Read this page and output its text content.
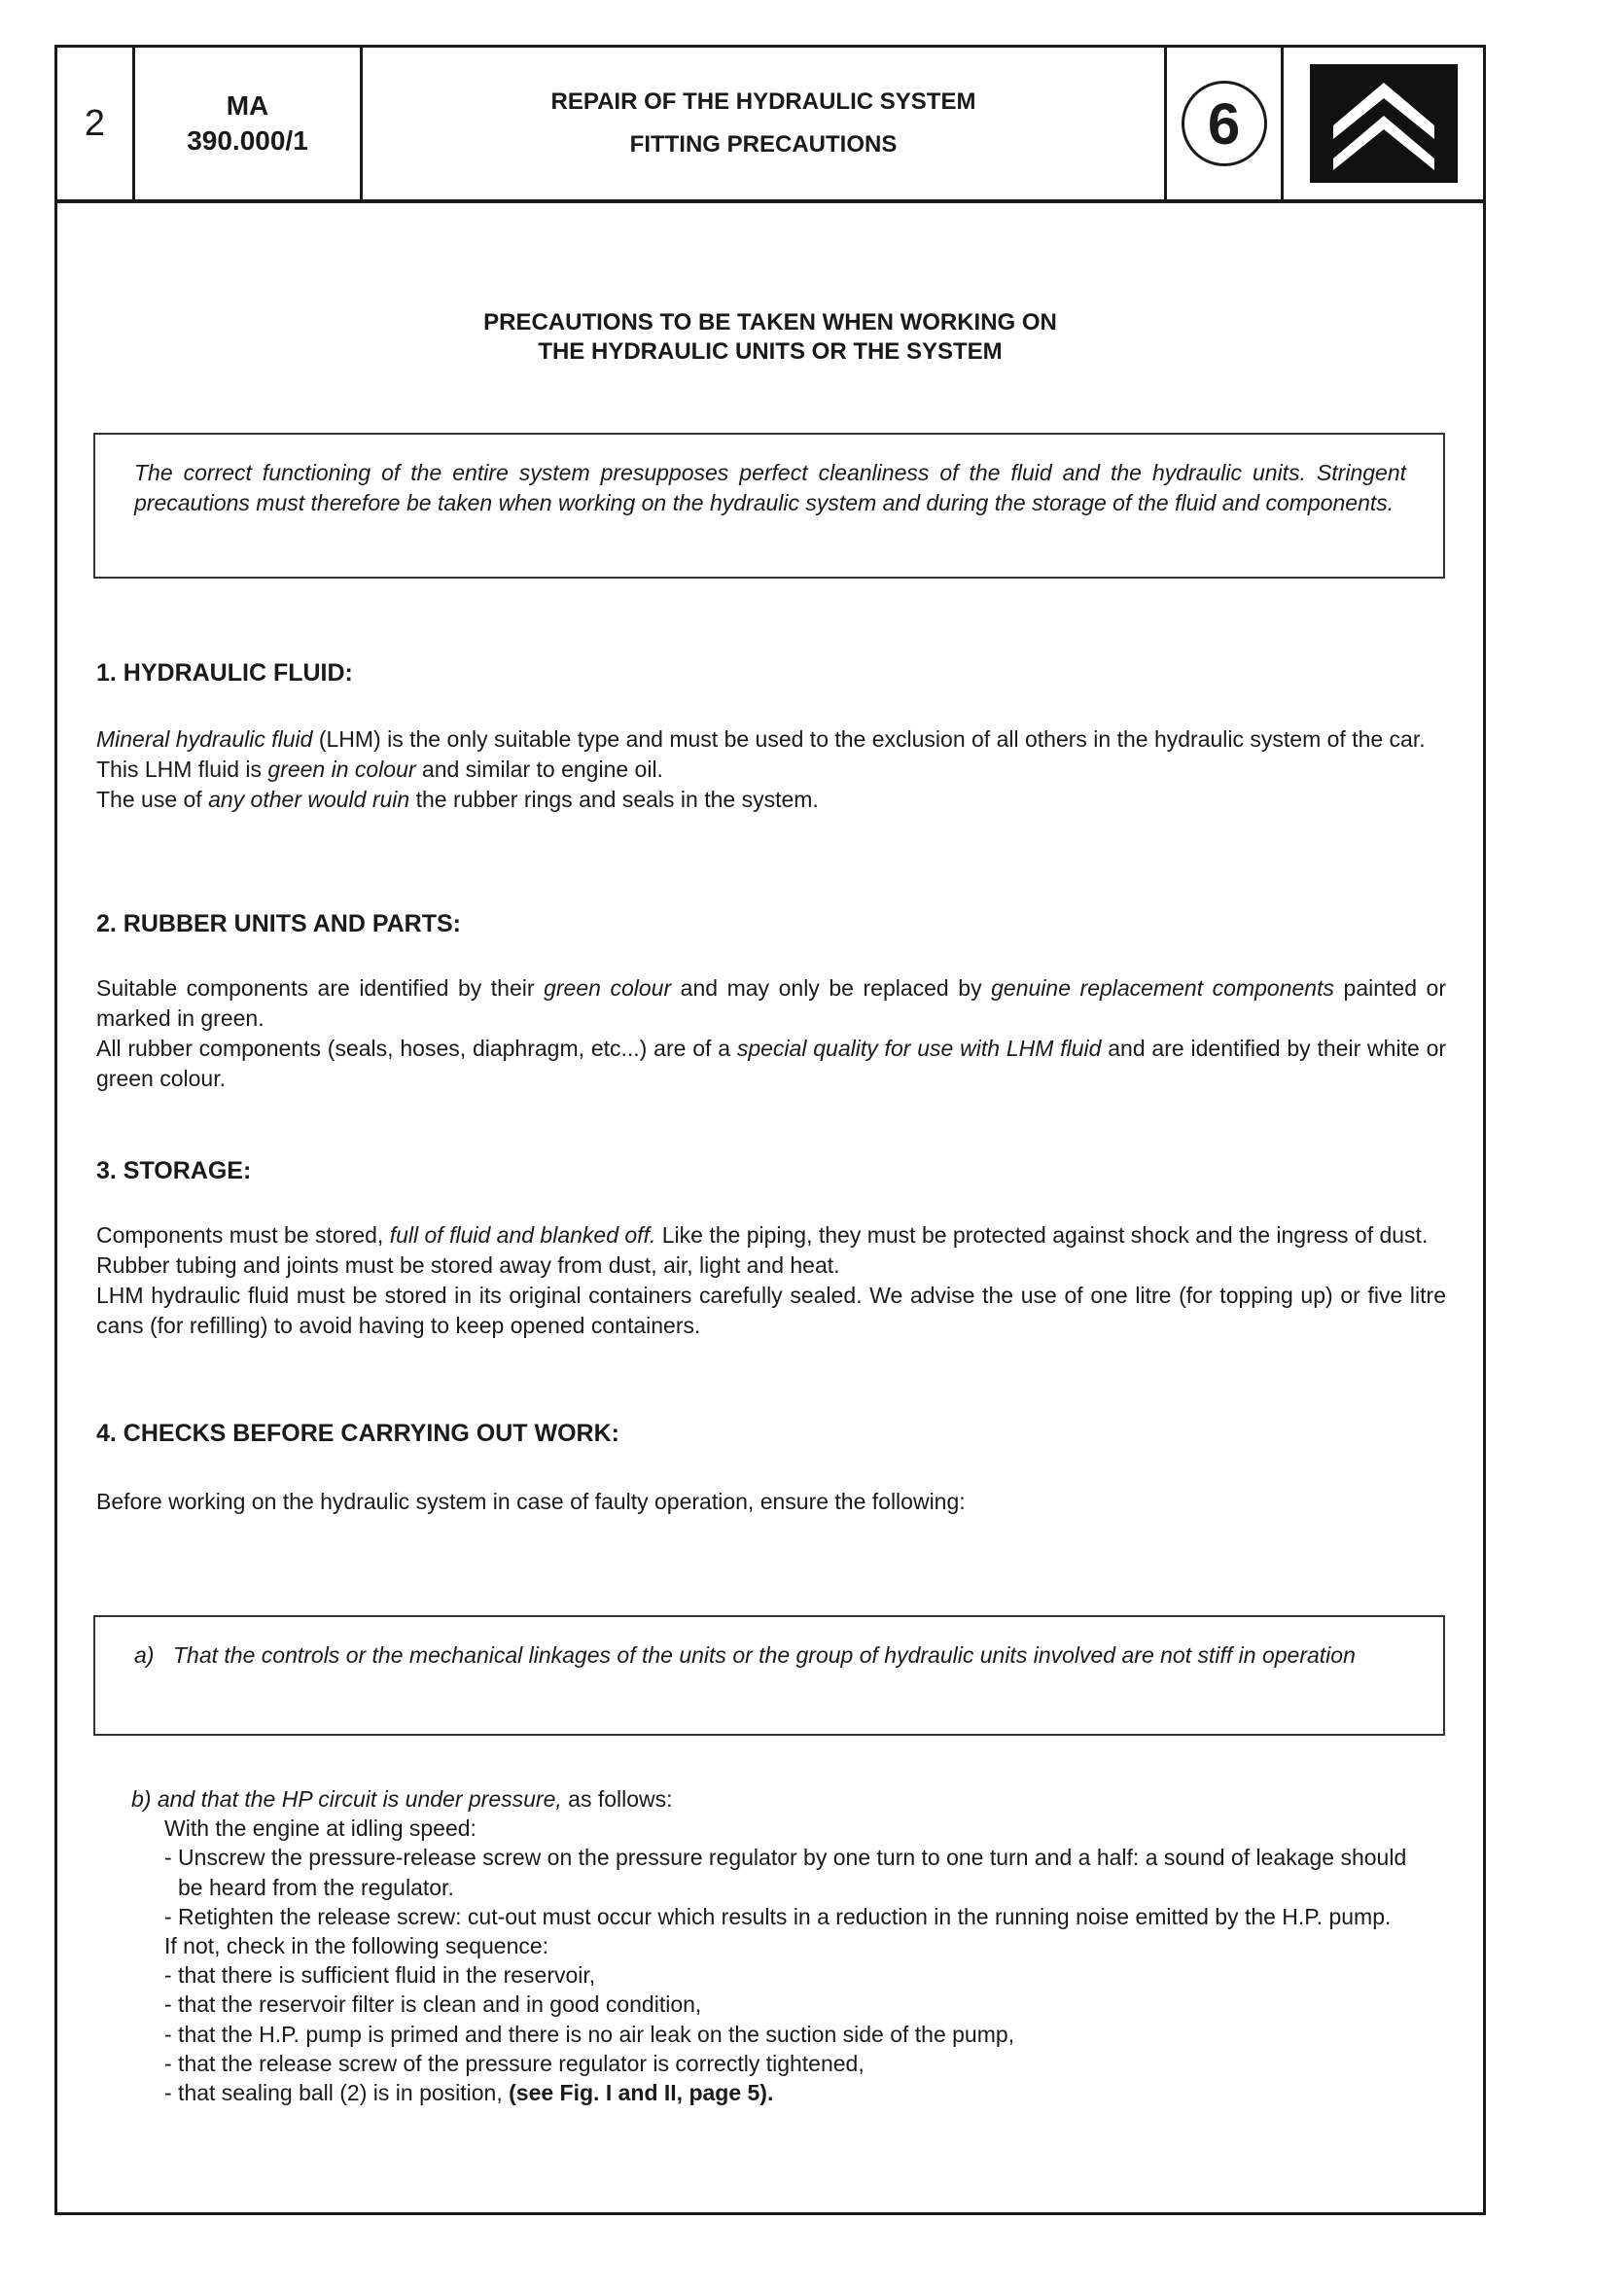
2	MA
390.000/1
REPAIR OF THE HYDRAULIC SYSTEM
FITTING PRECAUTIONS	6
PRECAUTIONS TO BE TAKEN WHEN WORKING ON
THE HYDRAULIC UNITS OR THE SYSTEM
The correct functioning of the entire system presupposes perfect cleanliness of the fluid and the hydraulic units. Stringent precautions must therefore be taken when working on the hydraulic system and during the storage of the fluid and components.
1. HYDRAULIC FLUID:
Mineral hydraulic fluid (LHM) is the only suitable type and must be used to the exclusion of all others in the hydraulic system of the car.
This LHM fluid is green in colour and similar to engine oil.
The use of any other would ruin the rubber rings and seals in the system.
2. RUBBER UNITS AND PARTS:
Suitable components are identified by their green colour and may only be replaced by genuine replacement components painted or marked in green.
All rubber components (seals, hoses, diaphragm, etc...) are of a special quality for use with LHM fluid and are identified by their white or green colour.
3. STORAGE:
Components must be stored, full of fluid and blanked off. Like the piping, they must be protected against shock and the ingress of dust.
Rubber tubing and joints must be stored away from dust, air, light and heat.
LHM hydraulic fluid must be stored in its original containers carefully sealed. We advise the use of one litre (for topping up) or five litre cans (for refilling) to avoid having to keep opened containers.
4. CHECKS BEFORE CARRYING OUT WORK:
Before working on the hydraulic system in case of faulty operation, ensure the following:
a) That the controls or the mechanical linkages of the units or the group of hydraulic units involved are not stiff in operation
b) and that the HP circuit is under pressure, as follows:
With the engine at idling speed:
- Unscrew the pressure-release screw on the pressure regulator by one turn to one turn and a half: a sound of leakage should be heard from the regulator.
- Retighten the release screw: cut-out must occur which results in a reduction in the running noise emitted by the H.P. pump.
If not, check in the following sequence:
- that there is sufficient fluid in the reservoir,
- that the reservoir filter is clean and in good condition,
- that the H.P. pump is primed and there is no air leak on the suction side of the pump,
- that the release screw of the pressure regulator is correctly tightened,
- that sealing ball (2) is in position, (see Fig. I and II, page 5).
